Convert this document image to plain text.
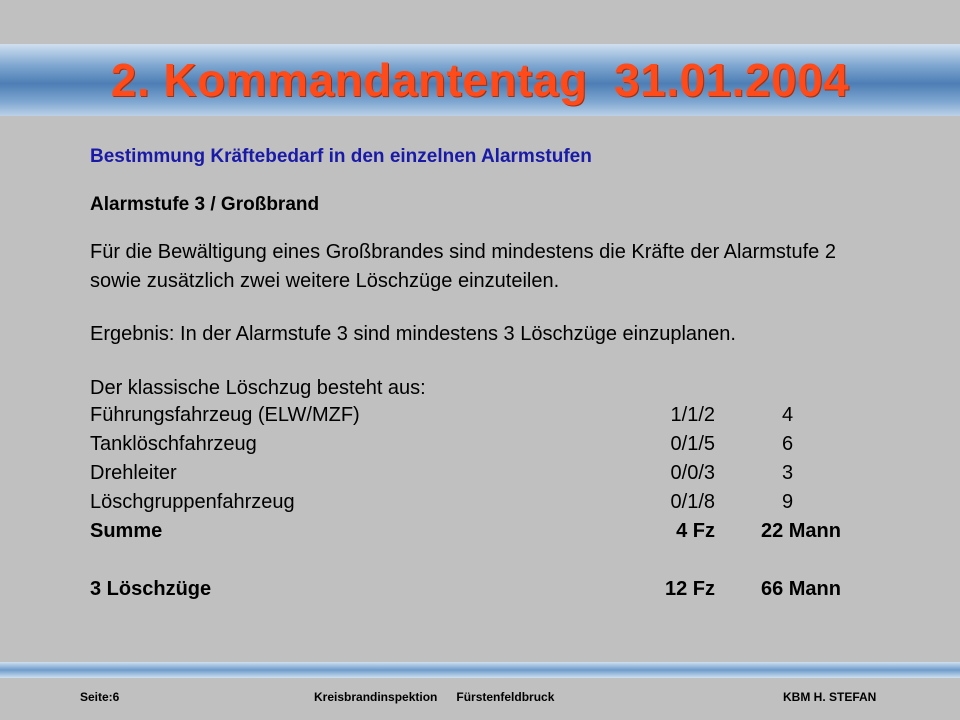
2. Kommandantentag  31.01.2004
Bestimmung Kräftebedarf in den einzelnen Alarmstufen
Alarmstufe 3 / Großbrand
Für die Bewältigung eines Großbrandes sind mindestens die Kräfte der Alarmstufe 2 sowie zusätzlich zwei weitere Löschzüge einzuteilen.
Ergebnis: In der Alarmstufe 3 sind mindestens 3 Löschzüge einzuplanen.
Der klassische Löschzug besteht aus:
Führungsfahrzeug (ELW/MZF)	1/1/2	4
Tanklöschfahrzeug	0/1/5	6
Drehleiter	0/0/3	3
Löschgruppenfahrzeug	0/1/8	9
Summe	4 Fz	22 Mann
3 Löschzüge	12 Fz	66 Mann
Seite:6	Kreisbrandinspektion   Fürstenfeldbruck	KBM H. STEFAN
